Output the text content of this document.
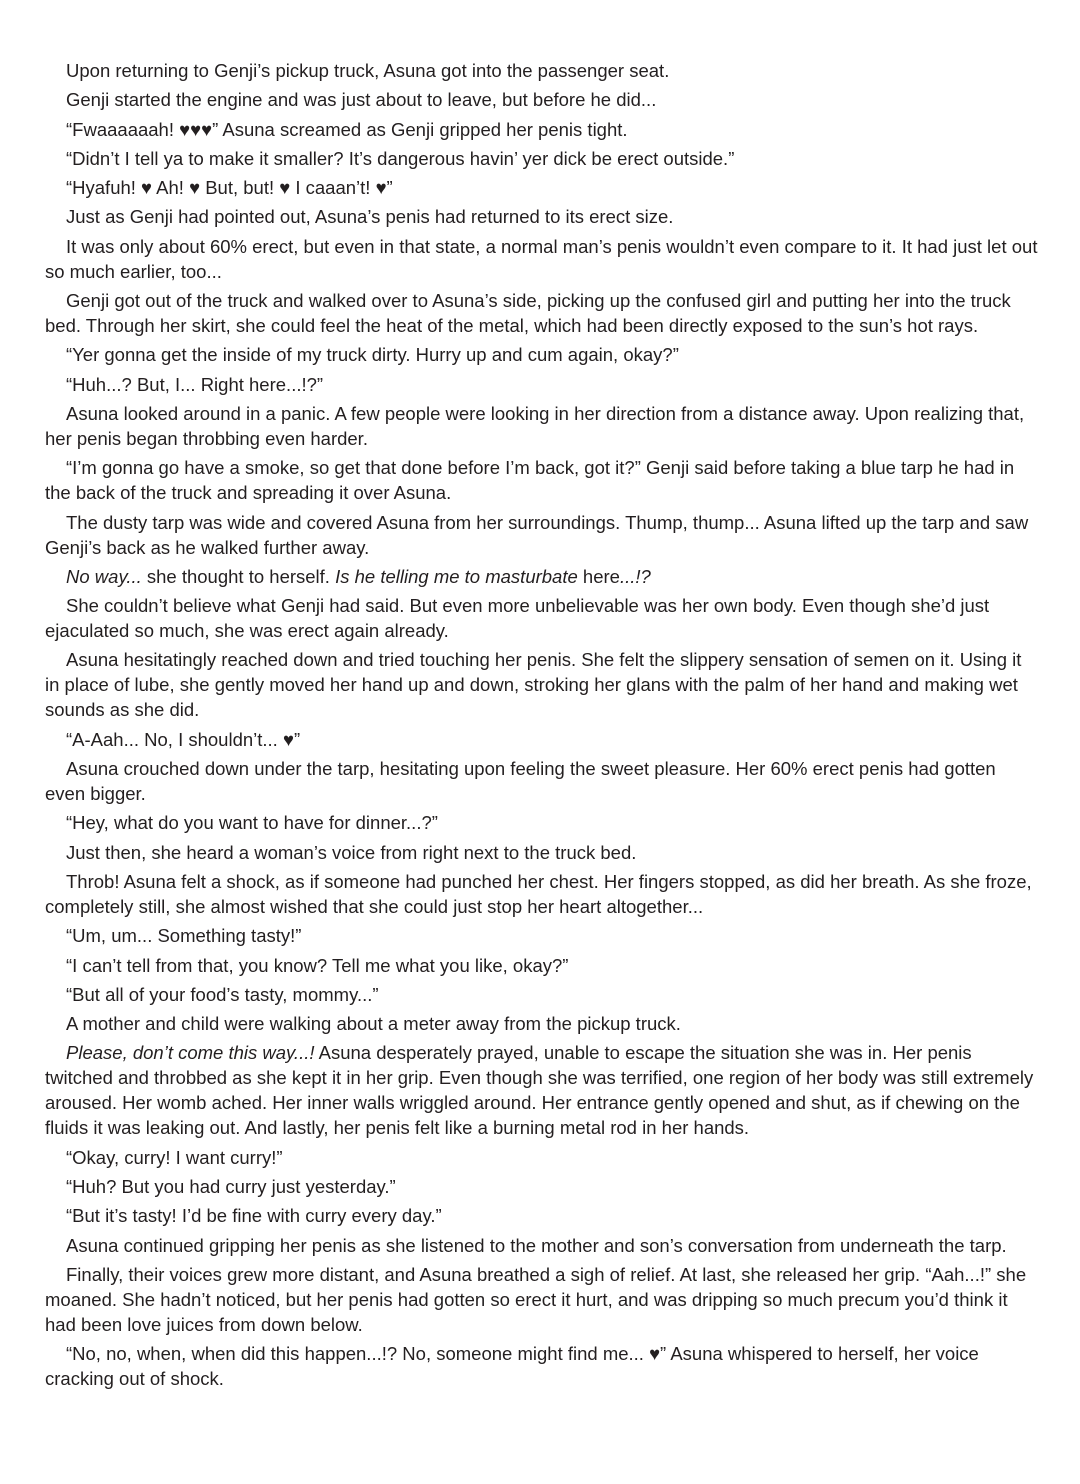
Upon returning to Genji’s pickup truck, Asuna got into the passenger seat.

Genji started the engine and was just about to leave, but before he did...

“Fwaaaaaah! ♥♥♥” Asuna screamed as Genji gripped her penis tight.

“Didn’t I tell ya to make it smaller? It’s dangerous havin’ yer dick be erect outside.”

“Hyafuh! ♥ Ah! ♥ But, but! ♥ I caaan’t! ♥”

Just as Genji had pointed out, Asuna’s penis had returned to its erect size.

It was only about 60% erect, but even in that state, a normal man’s penis wouldn’t even compare to it. It had just let out so much earlier, too...

Genji got out of the truck and walked over to Asuna’s side, picking up the confused girl and putting her into the truck bed. Through her skirt, she could feel the heat of the metal, which had been directly exposed to the sun’s hot rays.

“Yer gonna get the inside of my truck dirty. Hurry up and cum again, okay?”

“Huh...? But, I... Right here...!?”

Asuna looked around in a panic. A few people were looking in her direction from a distance away. Upon realizing that, her penis began throbbing even harder.

“I’m gonna go have a smoke, so get that done before I’m back, got it?” Genji said before taking a blue tarp he had in the back of the truck and spreading it over Asuna.

The dusty tarp was wide and covered Asuna from her surroundings. Thump, thump... Asuna lifted up the tarp and saw Genji’s back as he walked further away.

No way... she thought to herself. Is he telling me to masturbate here...!?

She couldn’t believe what Genji had said. But even more unbelievable was her own body. Even though she’d just ejaculated so much, she was erect again already.

Asuna hesitatingly reached down and tried touching her penis. She felt the slippery sensation of semen on it. Using it in place of lube, she gently moved her hand up and down, stroking her glans with the palm of her hand and making wet sounds as she did.

“A-Aah... No, I shouldn’t... ♥”

Asuna crouched down under the tarp, hesitating upon feeling the sweet pleasure. Her 60% erect penis had gotten even bigger.

“Hey, what do you want to have for dinner...?”

Just then, she heard a woman’s voice from right next to the truck bed.

Throb! Asuna felt a shock, as if someone had punched her chest. Her fingers stopped, as did her breath. As she froze, completely still, she almost wished that she could just stop her heart altogether...

“Um, um... Something tasty!”

“I can’t tell from that, you know? Tell me what you like, okay?”

“But all of your food’s tasty, mommy...”

A mother and child were walking about a meter away from the pickup truck.

Please, don’t come this way...! Asuna desperately prayed, unable to escape the situation she was in. Her penis twitched and throbbed as she kept it in her grip. Even though she was terrified, one region of her body was still extremely aroused. Her womb ached. Her inner walls wriggled around. Her entrance gently opened and shut, as if chewing on the fluids it was leaking out. And lastly, her penis felt like a burning metal rod in her hands.

“Okay, curry! I want curry!”

“Huh? But you had curry just yesterday.”

“But it’s tasty! I’d be fine with curry every day.”

Asuna continued gripping her penis as she listened to the mother and son’s conversation from underneath the tarp.

Finally, their voices grew more distant, and Asuna breathed a sigh of relief. At last, she released her grip. “Aah...!” she moaned. She hadn’t noticed, but her penis had gotten so erect it hurt, and was dripping so much precum you’d think it had been love juices from down below.

“No, no, when, when did this happen...!? No, someone might find me... ♥” Asuna whispered to herself, her voice cracking out of shock.
